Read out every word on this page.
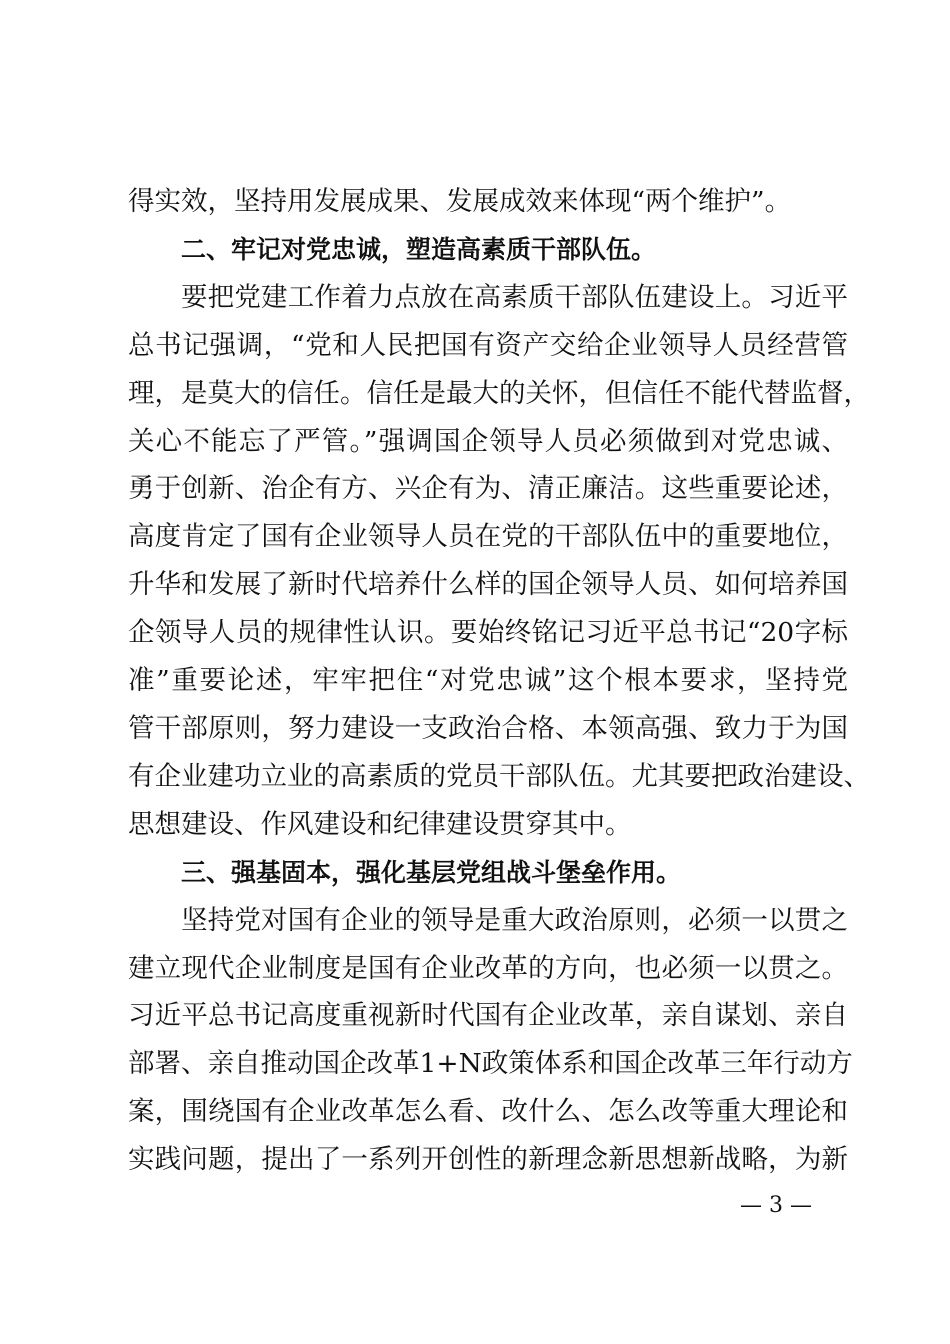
得实效，坚持用发展成果、发展成效来体现“两个维护”。
二、牢记对党忠诚，塑造高素质干部队伍。
要把党建工作着力点放在高素质干部队伍建设上。习近平
总书记强调，“党和人民把国有资产交给企业领导人员经营管
理，是莫大的信任。信任是最大的关怀，但信任不能代替监督，
关心不能忘了严管。”强调国企领导人员必须做到对党忠诚、
勇于创新、治企有方、兴企有为、清正廉洁。这些重要论述，
高度肯定了国有企业领导人员在党的干部队伍中的重要地位，
升华和发展了新时代培养什么样的国企领导人员、如何培养国
企领导人员的规律性认识。要始终铭记习近平总书记“20字标
准”重要论述，牢牢把住“对党忠诚”这个根本要求，坚持党
管干部原则，努力建设一支政治合格、本领高强、致力于为国
有企业建功立业的高素质的党员干部队伍。尤其要把政治建设、
思想建设、作风建设和纪律建设贯穿其中。
三、强基固本，强化基层党组战斗堡垒作用。
坚持党对国有企业的领导是重大政治原则，必须一以贯之
建立现代企业制度是国有企业改革的方向，也必须一以贯之。
习近平总书记高度重视新时代国有企业改革，亲自谋划、亲自
部署、亲自推动国企改革1+N政策体系和国企改革三年行动方
案，围绕国有企业改革怎么看、改什么、怎么改等重大理论和
实践问题，提出了一系列开创性的新理念新思想新战略，为新
— 3 —
